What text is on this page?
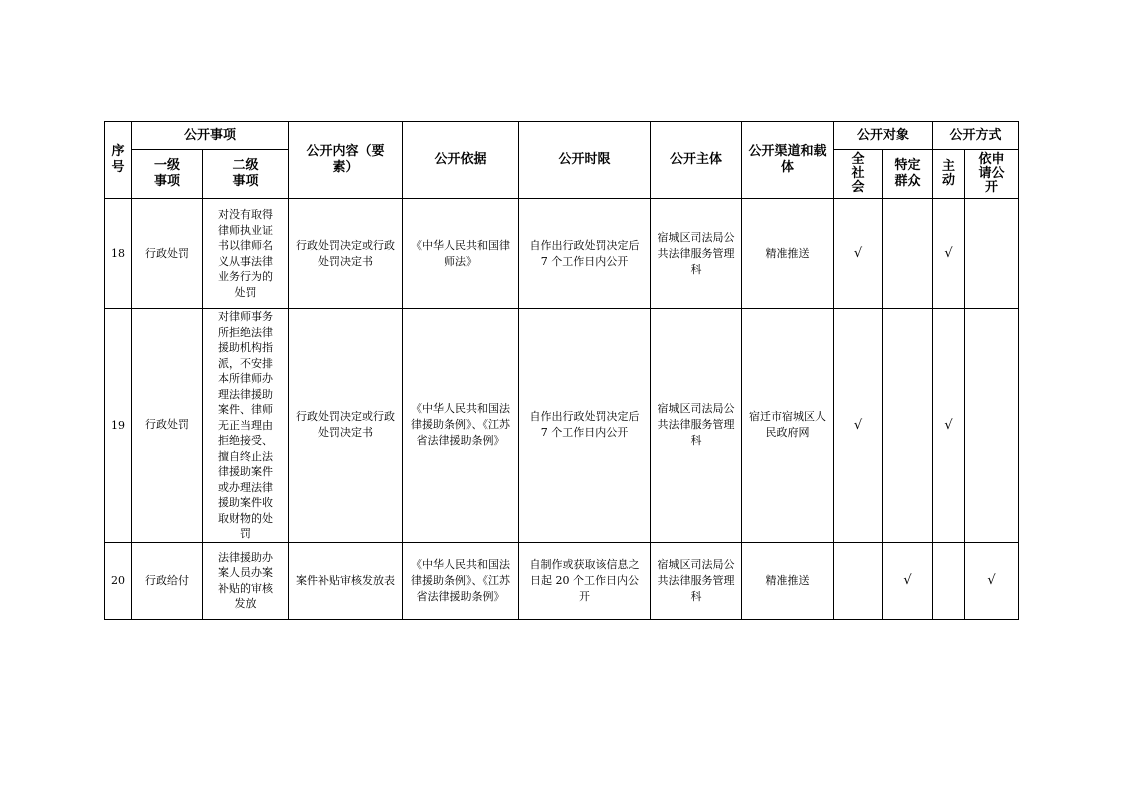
序号	公开事项		公开内容（要素）	公开依据	公开时限	公开主体	公开渠道和载体	公开对象		公开方式	
	一级事项	二级事项						全社会	特定群众	主动	依申请公开
18	行政处罚	对没有取得律师执业证书以律师名义从事法律业务行为的处罚	行政处罚决定或行政处罚决定书	《中华人民共和国律师法》	自作出行政处罚决定后 7 个工作日内公开	宿城区司法局公共法律服务管理科	精准推送	√		√	
19	行政处罚	对律师事务所拒绝法律援助机构指派，不安排本所律师办理法律援助案件、律师无正当理由拒绝接受、擅自终止法律援助案件或办理法律援助案件收取财物的处罚	行政处罚决定或行政处罚决定书	《中华人民共和国法律援助条例》、《江苏省法律援助条例》	自作出行政处罚决定后 7 个工作日内公开	宿城区司法局公共法律服务管理科	宿迁市宿城区人民政府网	√		√	
20	行政给付	法律援助办案人员办案补贴的审核发放	案件补贴审核发放表	《中华人民共和国法律援助条例》、《江苏省法律援助条例》	自制作或获取该信息之日起 20 个工作日内公开	宿城区司法局公共法律服务管理科	精准推送		√		√
